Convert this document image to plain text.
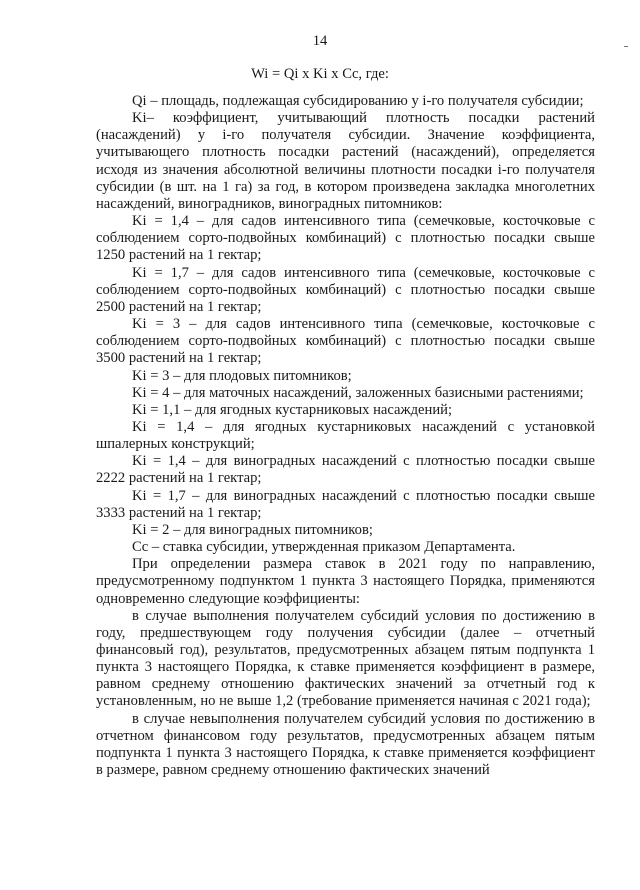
14
Wi = Qi x Ki x Cc, где:

Qi – площадь, подлежащая субсидированию у i-го получателя субсидии;

Ki– коэффициент, учитывающий плотность посадки растений (насаждений) у i-го получателя субсидии. Значение коэффициента, учитывающего плотность посадки растений (насаждений), определяется исходя из значения абсолютной величины плотности посадки i-го получателя субсидии (в шт. на 1 га) за год, в котором произведена закладка многолетних насаждений, виноградников, виноградных питомников:

Ki = 1,4 – для садов интенсивного типа (семечковые, косточковые с соблюдением сорто-подвойных комбинаций) с плотностью посадки свыше 1250 растений на 1 гектар;

Ki = 1,7 – для садов интенсивного типа (семечковые, косточковые с соблюдением сорто-подвойных комбинаций) с плотностью посадки свыше 2500 растений на 1 гектар;

Ki = 3 – для садов интенсивного типа (семечковые, косточковые с соблюдением сорто-подвойных комбинаций) с плотностью посадки свыше 3500 растений на 1 гектар;

Ki = 3 – для плодовых питомников;

Ki = 4 – для маточных насаждений, заложенных базисными растениями;

Ki = 1,1 – для ягодных кустарниковых насаждений;

Ki = 1,4 – для ягодных кустарниковых насаждений с установкой шпалерных конструкций;

Ki = 1,4 – для виноградных насаждений с плотностью посадки свыше 2222 растений на 1 гектар;

Ki = 1,7 – для виноградных насаждений с плотностью посадки свыше 3333 растений на 1 гектар;

Ki = 2 – для виноградных питомников;

Cc – ставка субсидии, утвержденная приказом Департамента.

При определении размера ставок в 2021 году по направлению, предусмотренному подпунктом 1 пункта 3 настоящего Порядка, применяются одновременно следующие коэффициенты:

в случае выполнения получателем субсидий условия по достижению в году, предшествующем году получения субсидии (далее – отчетный финансовый год), результатов, предусмотренных абзацем пятым подпункта 1 пункта 3 настоящего Порядка, к ставке применяется коэффициент в размере, равном среднему отношению фактических значений за отчетный год к установленным, но не выше 1,2 (требование применяется начиная с 2021 года);

в случае невыполнения получателем субсидий условия по достижению в отчетном финансовом году результатов, предусмотренных абзацем пятым подпункта 1 пункта 3 настоящего Порядка, к ставке применяется коэффициент в размере, равном среднему отношению фактических значений
